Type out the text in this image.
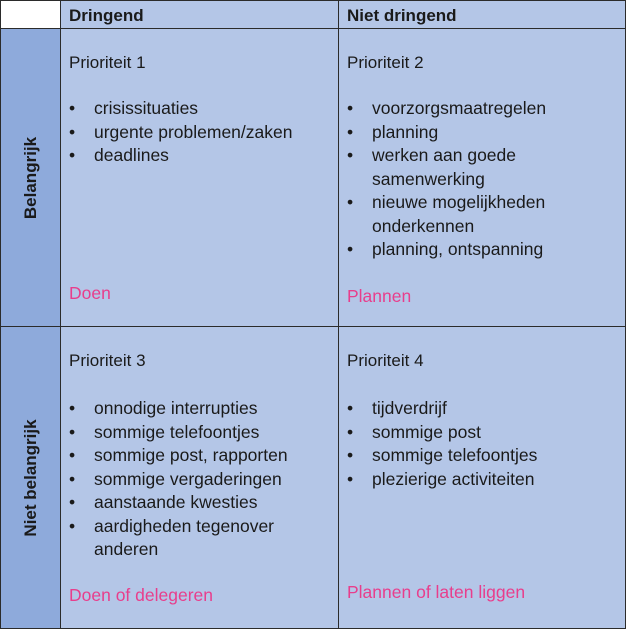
Dringend	Niet dringend
Belangrijk
Niet belangrijk
Prioriteit 1
• crisissituaties
• urgente problemen/zaken
• deadlines
Doen
Prioriteit 2
• voorzorgsmaatregelen
• planning
• werken aan goede samenwerking
• nieuwe mogelijkheden onderkennen
• planning, ontspanning
Plannen
Prioriteit 3
• onnodige interrupties
• sommige telefoontjes
• sommige post, rapporten
• sommige vergaderingen
• aanstaande kwesties
• aardigheden tegenover anderen
Doen of delegeren
Prioriteit 4
• tijdverdrijf
• sommige post
• sommige telefoontjes
• plezierige activiteiten
Plannen of laten liggen
